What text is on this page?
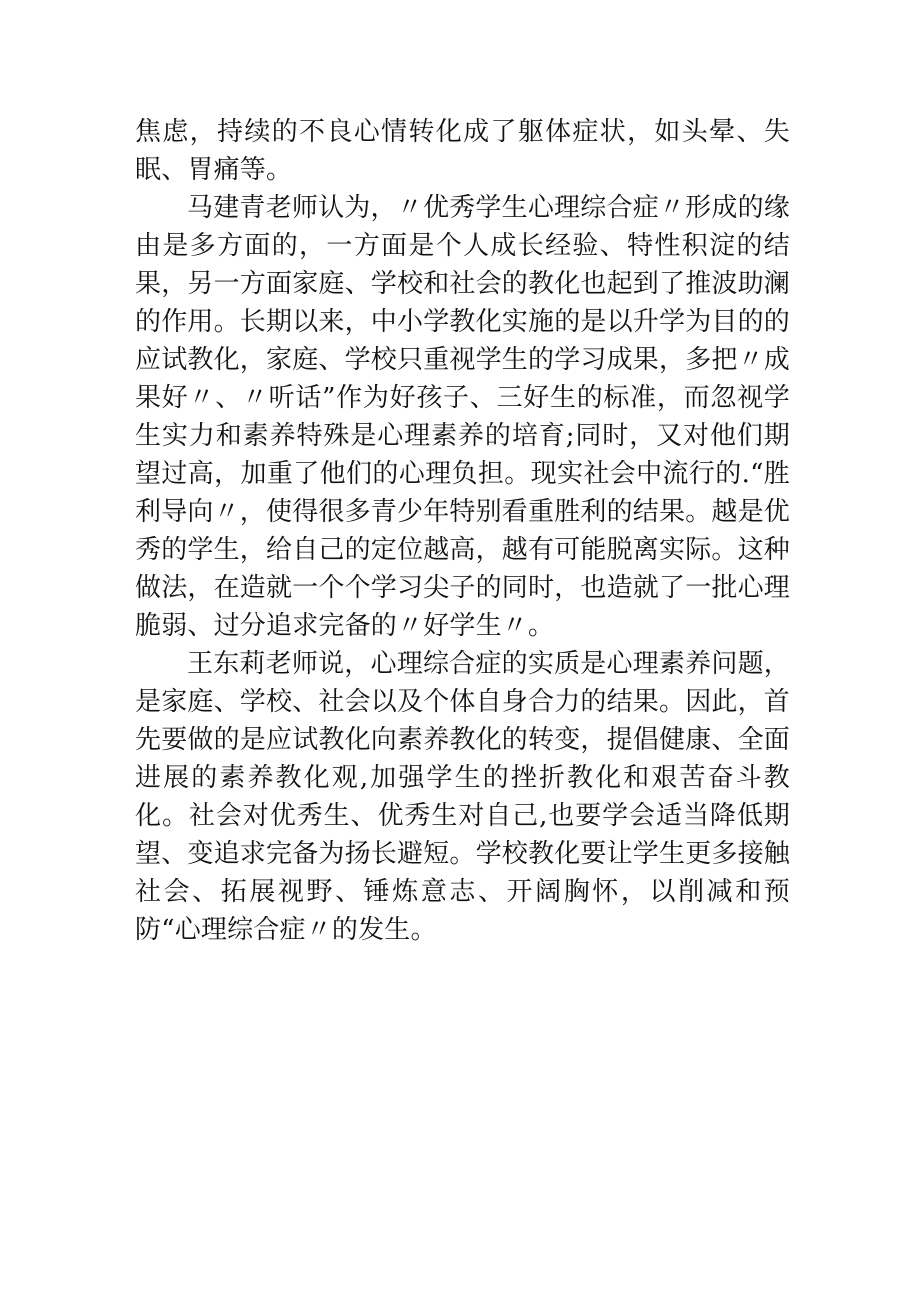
焦虑，持续的不良心情转化成了躯体症状，如头晕、失眠、胃痛等。

马建青老师认为，〃优秀学生心理综合症〃形成的缘由是多方面的，一方面是个人成长经验、特性积淀的结果，另一方面家庭、学校和社会的教化也起到了推波助澜的作用。长期以来，中小学教化实施的是以升学为目的的应试教化，家庭、学校只重视学生的学习成果，多把〃成果好〃、〃听话”作为好孩子、三好生的标准，而忽视学生实力和素养特殊是心理素养的培育;同时，又对他们期望过高，加重了他们的心理负担。现实社会中流行的.“胜利导向〃，使得很多青少年特别看重胜利的结果。越是优秀的学生，给自己的定位越高，越有可能脱离实际。这种做法，在造就一个个学习尖子的同时，也造就了一批心理脆弱、过分追求完备的〃好学生〃。

王东莉老师说，心理综合症的实质是心理素养问题，是家庭、学校、社会以及个体自身合力的结果。因此，首先要做的是应试教化向素养教化的转变，提倡健康、全面进展的素养教化观,加强学生的挫折教化和艰苦奋斗教化。社会对优秀生、优秀生对自己,也要学会适当降低期望、变追求完备为扬长避短。学校教化要让学生更多接触社会、拓展视野、锤炼意志、开阔胸怀，以削减和预防“心理综合症〃的发生。
